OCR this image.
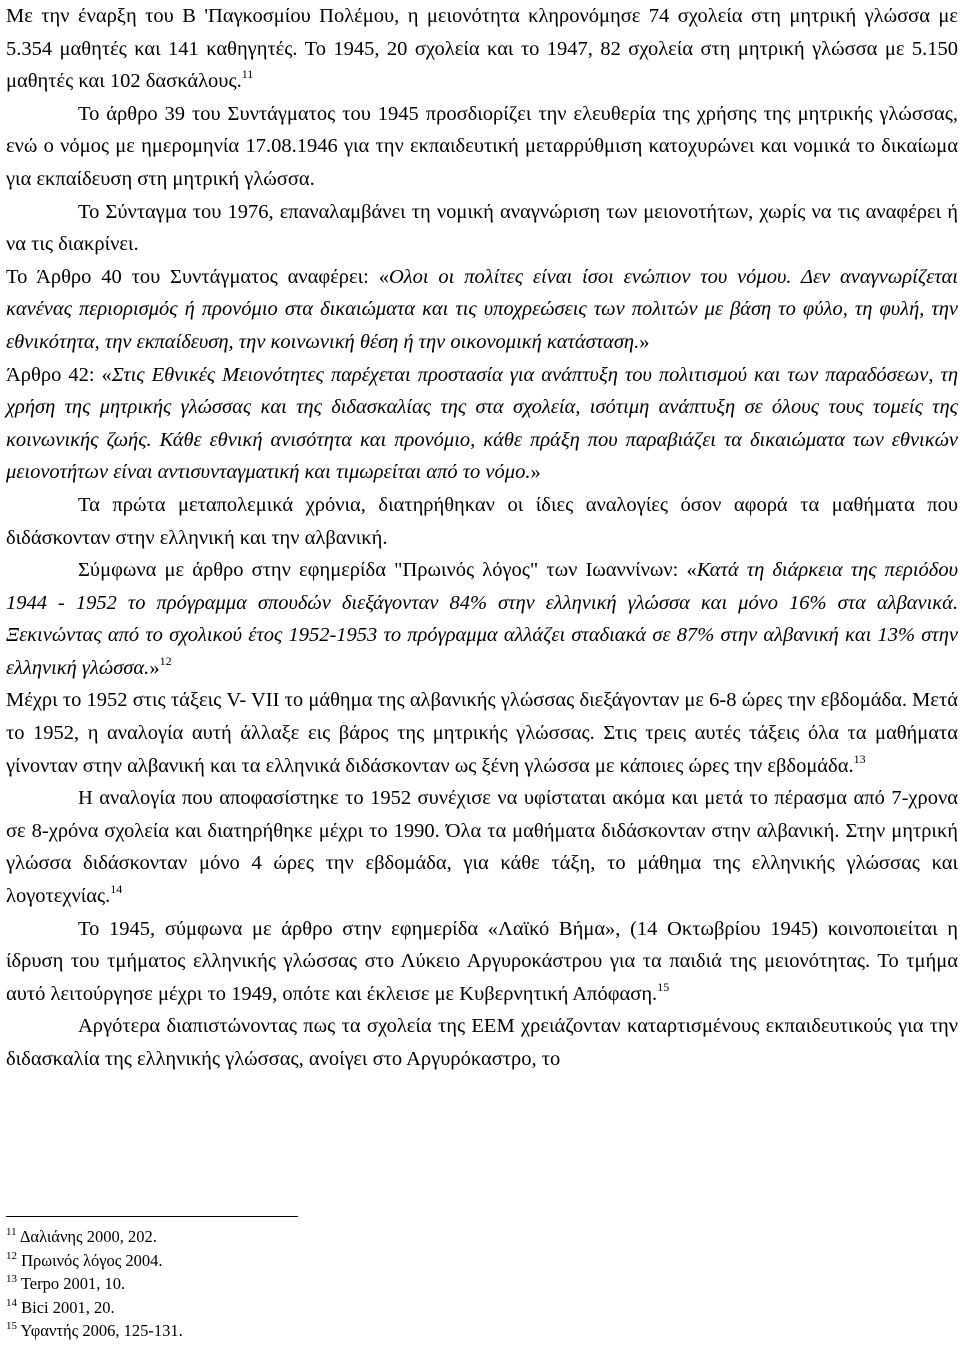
Με την έναρξη του Β 'Παγκοσμίου Πολέμου, η μειονότητα κληρονόμησε 74 σχολεία στη μητρική γλώσσα με 5.354 μαθητές και 141 καθηγητές. Το 1945, 20 σχολεία και το 1947, 82 σχολεία στη μητρική γλώσσα με 5.150 μαθητές και 102 δασκάλους.$^{11}$

Το άρθρο 39 του Συντάγματος του 1945 προσδιορίζει την ελευθερία της χρήσης της μητρικής γλώσσας, ενώ ο νόμος με ημερομηνία 17.08.1946 για την εκπαιδευτική μεταρρύθμιση κατοχυρώνει και νομικά το δικαίωμα για εκπαίδευση στη μητρική γλώσσα.

Το Σύνταγμα του 1976, επαναλαμβάνει τη νομική αναγνώριση των μειονοτήτων, χωρίς να τις αναφέρει ή να τις διακρίνει.

Το Άρθρο 40 του Συντάγματος αναφέρει: «Ολοι οι πολίτες είναι ίσοι ενώπιον του νόμου. Δεν αναγνωρίζεται κανένας περιορισμός ή προνόμιο στα δικαιώματα και τις υποχρεώσεις των πολιτών με βάση το φύλο, τη φυλή, την εθνικότητα, την εκπαίδευση, την κοινωνική θέση ή την οικονομική κατάσταση.»

Άρθρο 42: «Στις Εθνικές Μειονότητες παρέχεται προστασία για ανάπτυξη του πολιτισμού και των παραδόσεων, τη χρήση της μητρικής γλώσσας και της διδασκαλίας της στα σχολεία, ισότιμη ανάπτυξη σε όλους τους τομείς της κοινωνικής ζωής. Κάθε εθνική ανισότητα και προνόμιο, κάθε πράξη που παραβιάζει τα δικαιώματα των εθνικών μειονοτήτων είναι αντισυνταγματική και τιμωρείται από το νόμο.»

Τα πρώτα μεταπολεμικά χρόνια, διατηρήθηκαν οι ίδιες αναλογίες όσον αφορά τα μαθήματα που διδάσκονταν στην ελληνική και την αλβανική.

Σύμφωνα με άρθρο στην εφημερίδα "Πρωινός λόγος" των Ιωαννίνων: «Κατά τη διάρκεια της περιόδου 1944 - 1952 το πρόγραμμα σπουδών διεξάγονταν 84% στην ελληνική γλώσσα και μόνο 16% στα αλβανικά. Ξεκινώντας από το σχολικού έτος 1952-1953 το πρόγραμμα αλλάζει σταδιακά σε 87% στην αλβανική και 13% στην ελληνική γλώσσα.»$^{12}$

Μέχρι το 1952 στις τάξεις V- VII το μάθημα της αλβανικής γλώσσας διεξάγονταν με 6-8 ώρες την εβδομάδα. Μετά το 1952, η αναλογία αυτή άλλαξε εις βάρος της μητρικής γλώσσας. Στις τρεις αυτές τάξεις όλα τα μαθήματα γίνονταν στην αλβανική και τα ελληνικά διδάσκονταν ως ξένη γλώσσα με κάποιες ώρες την εβδομάδα.$^{13}$

Η αναλογία που αποφασίστηκε το 1952 συνέχισε να υφίσταται ακόμα και μετά το πέρασμα από 7-χρονα σε 8-χρόνα σχολεία και διατηρήθηκε μέχρι το 1990. Όλα τα μαθήματα διδάσκονταν στην αλβανική. Στην μητρική γλώσσα διδάσκονταν μόνο 4 ώρες την εβδομάδα, για κάθε τάξη, το μάθημα της ελληνικής γλώσσας και λογοτεχνίας.$^{14}$

Το 1945, σύμφωνα με άρθρο στην εφημερίδα «Λαϊκό Βήμα», (14 Οκτωβρίου 1945) κοινοποιείται η ίδρυση του τμήματος ελληνικής γλώσσας στο Λύκειο Αργυροκάστρου για τα παιδιά της μειονότητας. Το τμήμα αυτό λειτούργησε μέχρι το 1949, οπότε και έκλεισε με Κυβερνητική Απόφαση.$^{15}$

Αργότερα διαπιστώνοντας πως τα σχολεία της ΕΕΜ χρειάζονταν καταρτισμένους εκπαιδευτικούς για την διδασκαλία της ελληνικής γλώσσας, ανοίγει στο Αργυρόκαστρο, το

$^{11}$ Δαλιάνης 2000, 202.
$^{12}$ Πρωινός λόγος 2004.
$^{13}$ Terpo 2001, 10.
$^{14}$ Bici 2001, 20.
$^{15}$ Υφαντής 2006, 125-131.
